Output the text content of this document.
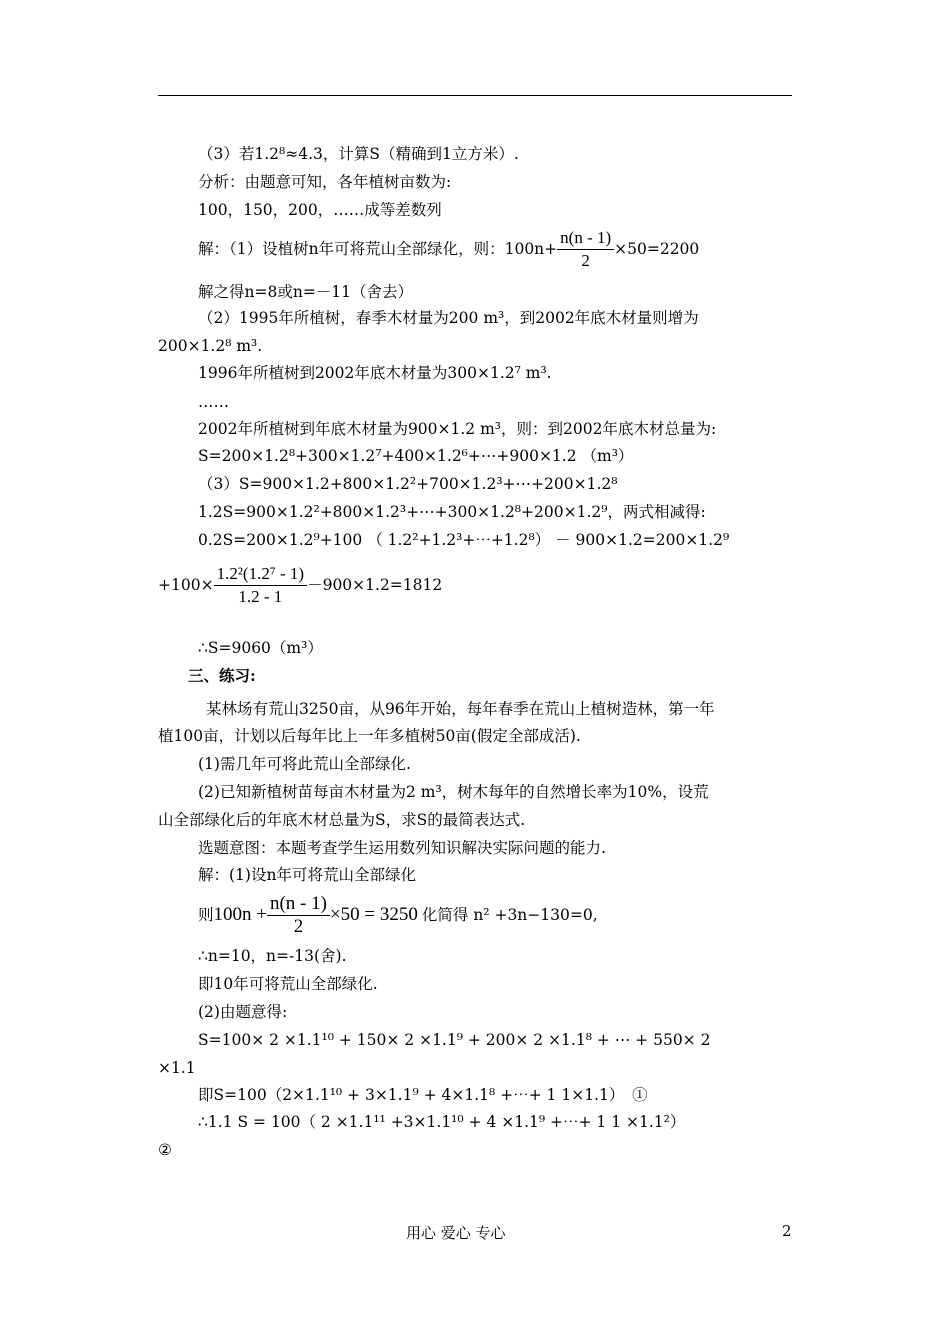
（3）若1.2⁸≈4.3，计算S（精确到1立方米）.
分析：由题意可知，各年植树亩数为:
100，150，200，……成等差数列
解：（1）设植树n年可将荒山全部绿化，则：$100n+ \frac{n(n - 1)}{2} \times 50=2200$
解之得n=8或n=－11（舍去）
（2）1995年所植树，春季木材量为200 m³，到2002年底木材量则增为
200×1.2⁸ m³.
1996年所植树到2002年底木材量为300×1.2⁷ m³.
……
2002年所植树到年底木材量为900×1.2 m³，则：到2002年底木材总量为:
S=200×1.2⁸+300×1.2⁷+400×1.2⁶+⋯+900×1.2 （m³）
（3）S=900×1.2+800×1.2²+700×1.2³+⋯+200×1.2⁸
1.2S=900×1.2²+800×1.2³+⋯+300×1.2⁸+200×1.2⁹，两式相减得:
0.2S=200×1.2⁹+100 （ 1.2²+1.2³+⋯+1.2⁸） － 900×1.2=200×1.2⁹
$+100\times \frac{\text{1.2²(1.2⁷ - 1)}}{1.2 - 1} -900\times 1.2=1812$
∴S=9060（m³）
三、练习:
某林场有荒山3250亩，从96年开始，每年春季在荒山上植树造林，第一年
植100亩，计划以后每年比上一年多植树50亩(假定全部成活).
(1)需几年可将此荒山全部绿化.
(2)已知新植树苗每亩木材量为2 m³，树木每年的自然增长率为10%，设荒
山全部绿化后的年底木材总量为S，求S的最简表达式.
选题意图：本题考查学生运用数列知识解决实际问题的能力.
解：(1)设n年可将荒山全部绿化
则$100n + \frac{n(n - 1)}{2} \times 50 = 3250$ 化简得 n² +3n−130=0,
∴n=10，n=-13(舍).
即10年可将荒山全部绿化.
(2)由题意得:
S=100× 2 ×1.1¹⁰ + 150× 2 ×1.1⁹ + 200× 2 ×1.1⁸ + ⋯ + 550× 2
×1.1
即S=100（2×1.1¹⁰ + 3×1.1⁹ + 4×1.1⁸ +⋯+ 1 1×1.1）　①
∴1.1 S = 100（ 2 ×1.1¹¹ +3×1.1¹⁰ + 4 ×1.1⁹ +⋯+ 1 1 ×1.1²）
②
用心 爱心 专心	2
